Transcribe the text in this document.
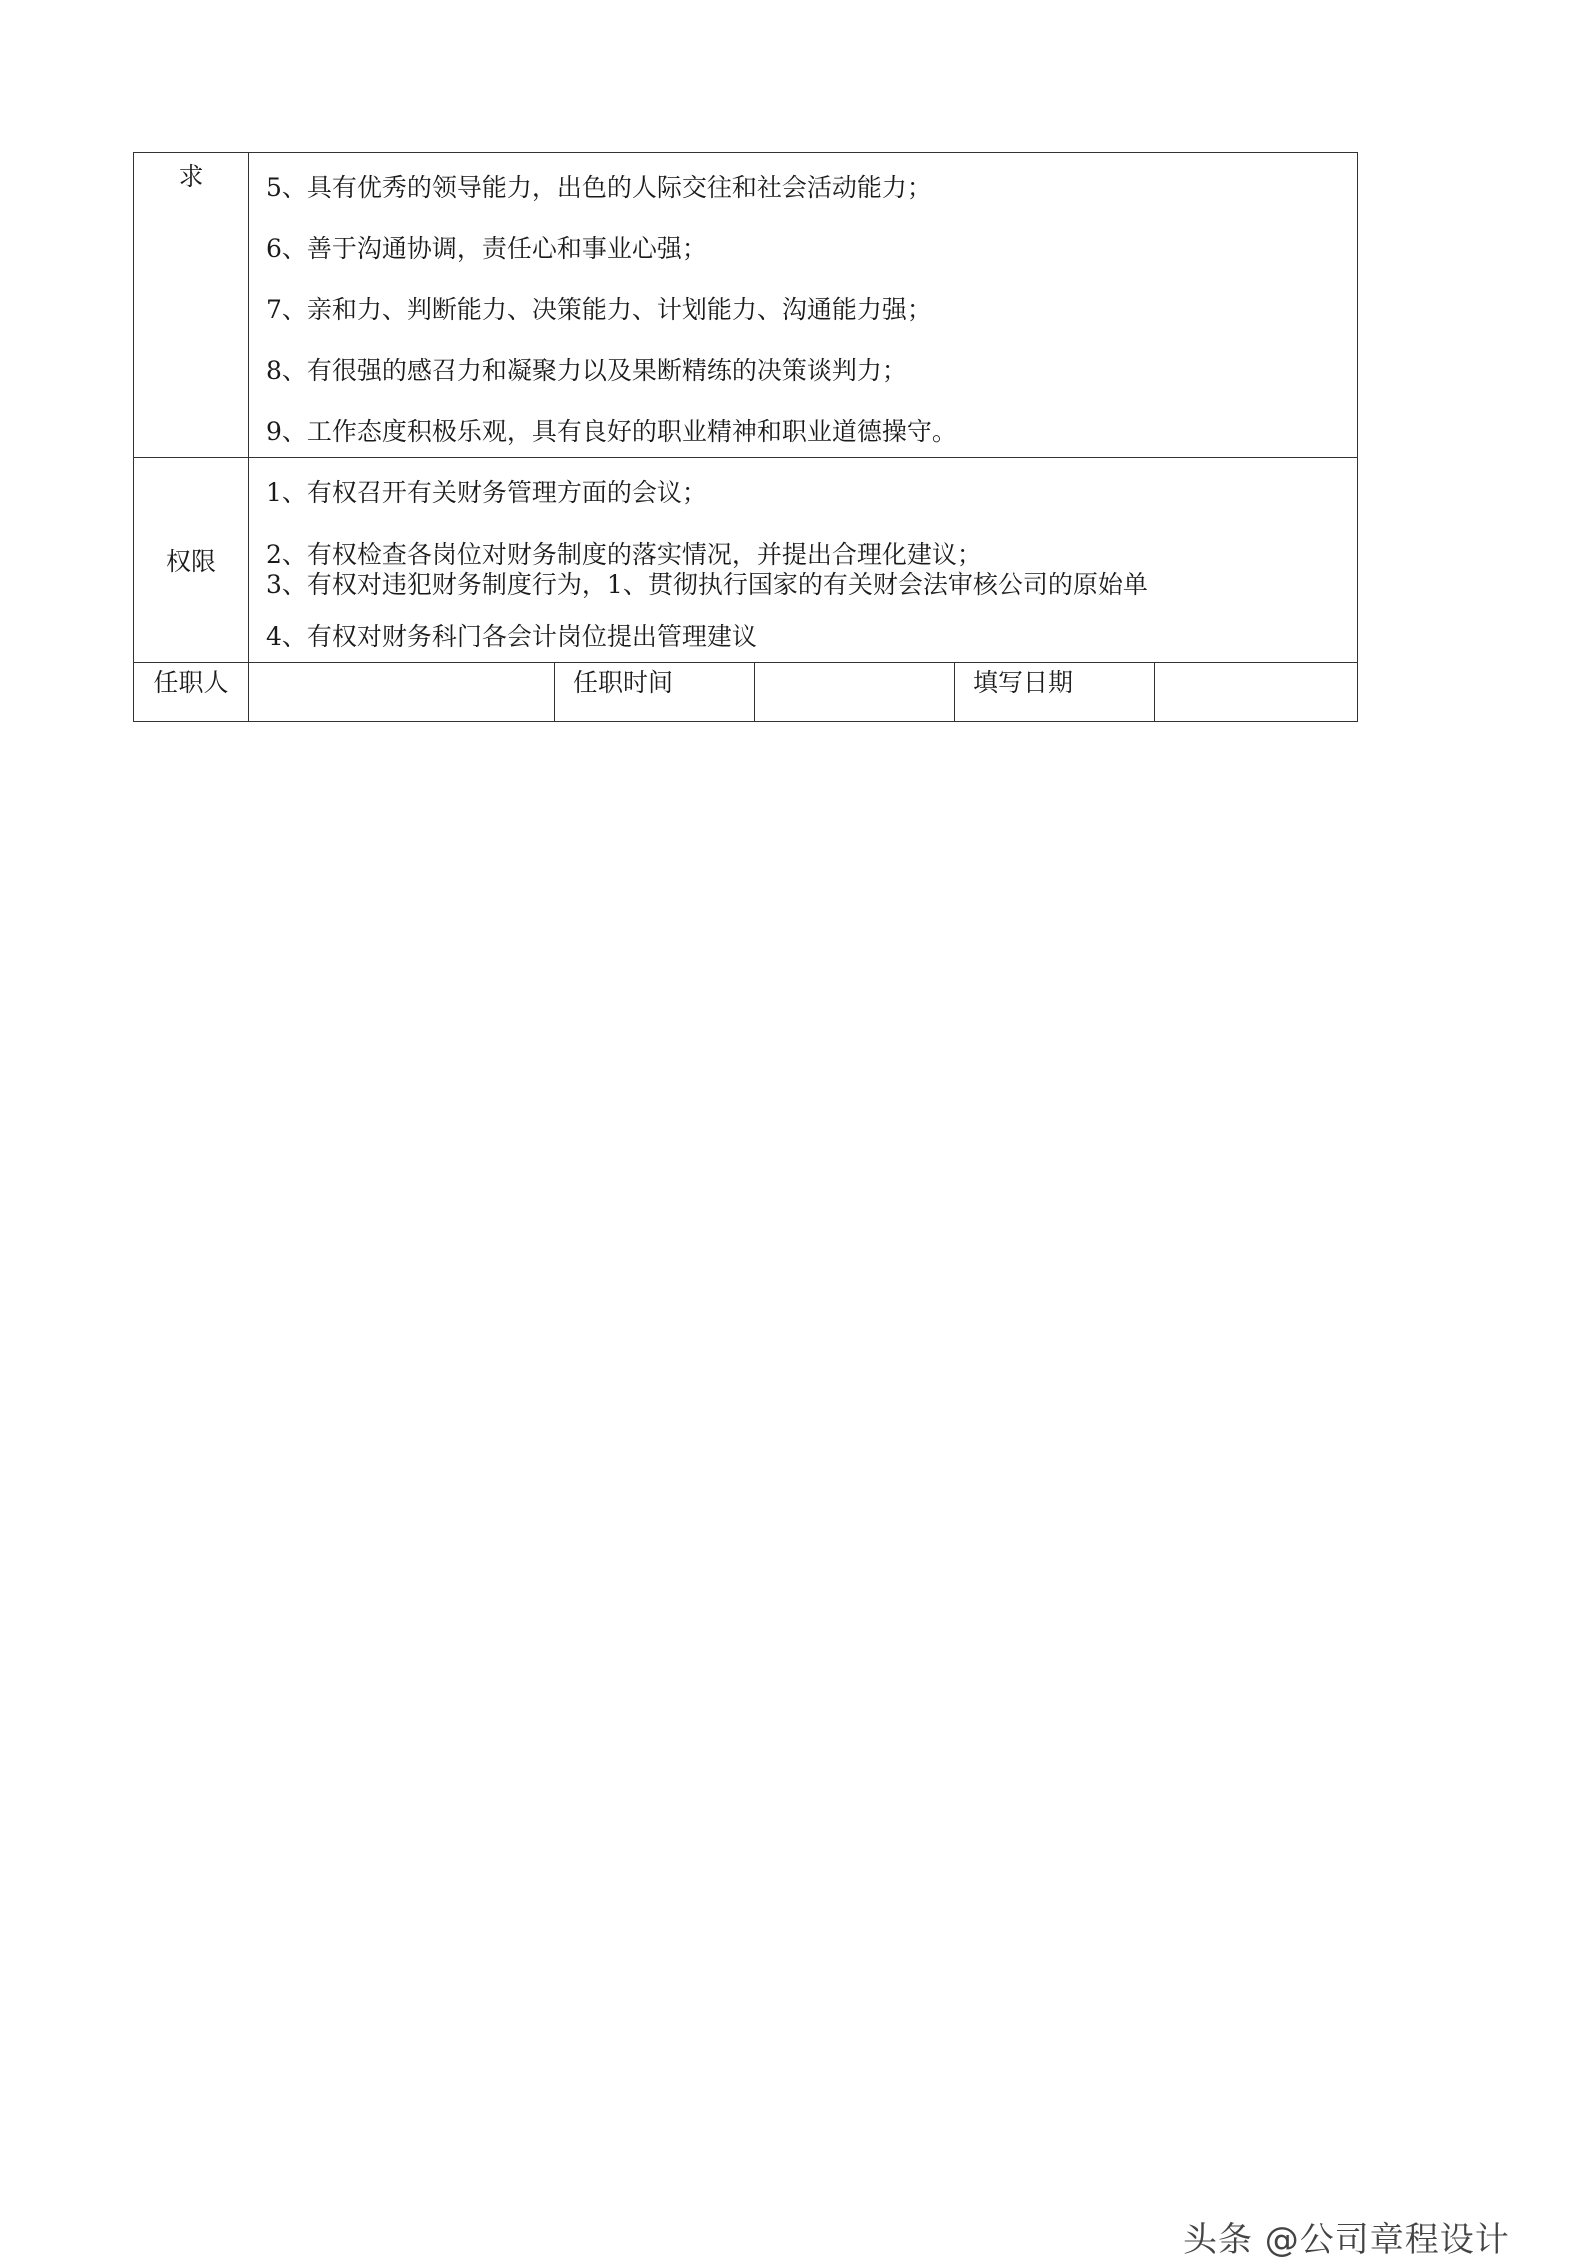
求	5、具有优秀的领导能力，出色的人际交往和社会活动能力；
6、善于沟通协调，责任心和事业心强；
7、亲和力、判断能力、决策能力、计划能力、沟通能力强；
8、有很强的感召力和凝聚力以及果断精练的决策谈判力；
9、工作态度积极乐观，具有良好的职业精神和职业道德操守。				

权限	1、有权召开有关财务管理方面的会议；
2、有权检查各岗位对财务制度的落实情况，并提出合理化建议；
3、有权对违犯财务制度行为，1、贯彻执行国家的有关财会法审核公司的原始单
4、有权对财务科门各会计岗位提出管理建议				

任职人		任职时间		填写日期	
头条 @公司章程设计
